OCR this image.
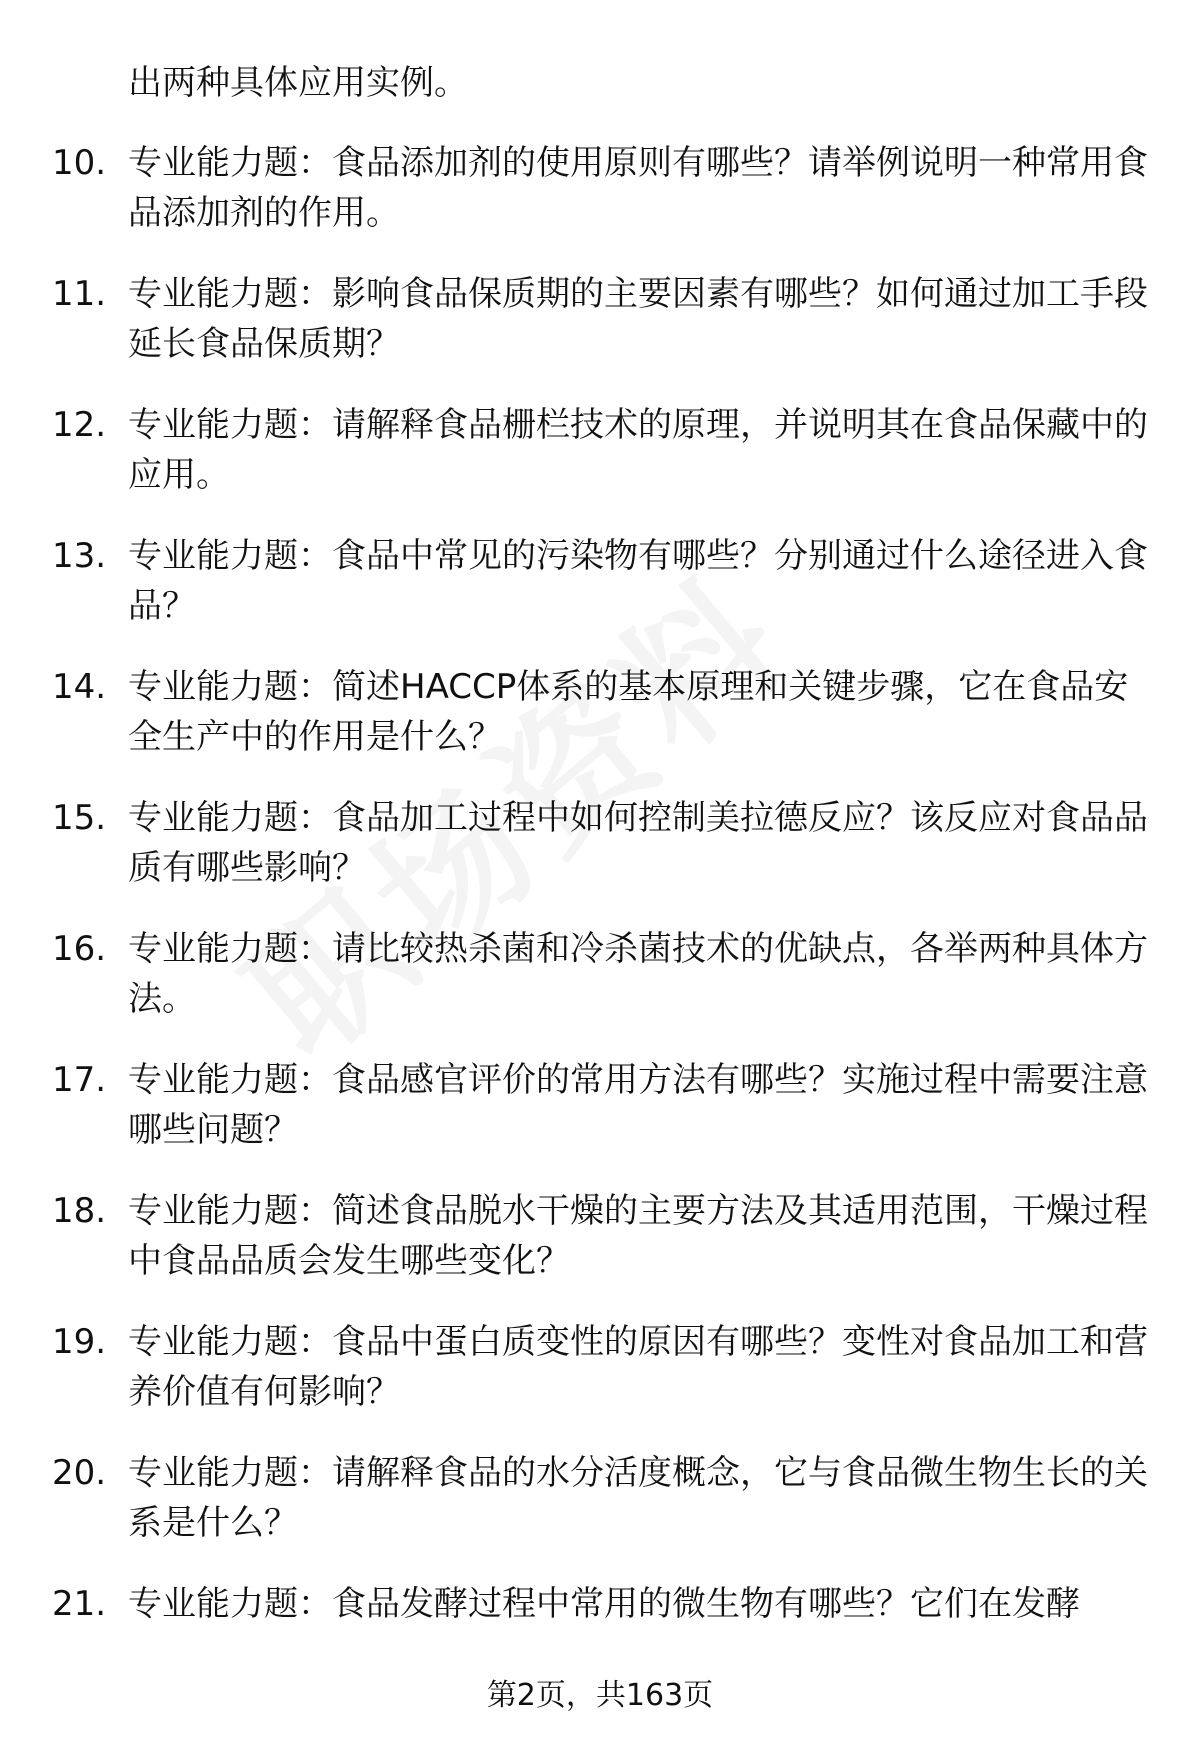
出两种具体应用实例。
10. 专业能力题：食品添加剂的使用原则有哪些？请举例说明一种常用食品添加剂的作用。
11. 专业能力题：影响食品保质期的主要因素有哪些？如何通过加工手段延长食品保质期？
12. 专业能力题：请解释食品栅栏技术的原理，并说明其在食品保藏中的应用。
13. 专业能力题：食品中常见的污染物有哪些？分别通过什么途径进入食品？
14. 专业能力题：简述HACCP体系的基本原理和关键步骤，它在食品安全生产中的作用是什么？
15. 专业能力题：食品加工过程中如何控制美拉德反应？该反应对食品品质有哪些影响？
16. 专业能力题：请比较热杀菌和冷杀菌技术的优缺点，各举两种具体方法。
17. 专业能力题：食品感官评价的常用方法有哪些？实施过程中需要注意哪些问题？
18. 专业能力题：简述食品脱水干燥的主要方法及其适用范围，干燥过程中食品品质会发生哪些变化？
19. 专业能力题：食品中蛋白质变性的原因有哪些？变性对食品加工和营养价值有何影响？
20. 专业能力题：请解释食品的水分活度概念，它与食品微生物生长的关系是什么？
21. 专业能力题：食品发酵过程中常用的微生物有哪些？它们在发酵
第2页，共163页
